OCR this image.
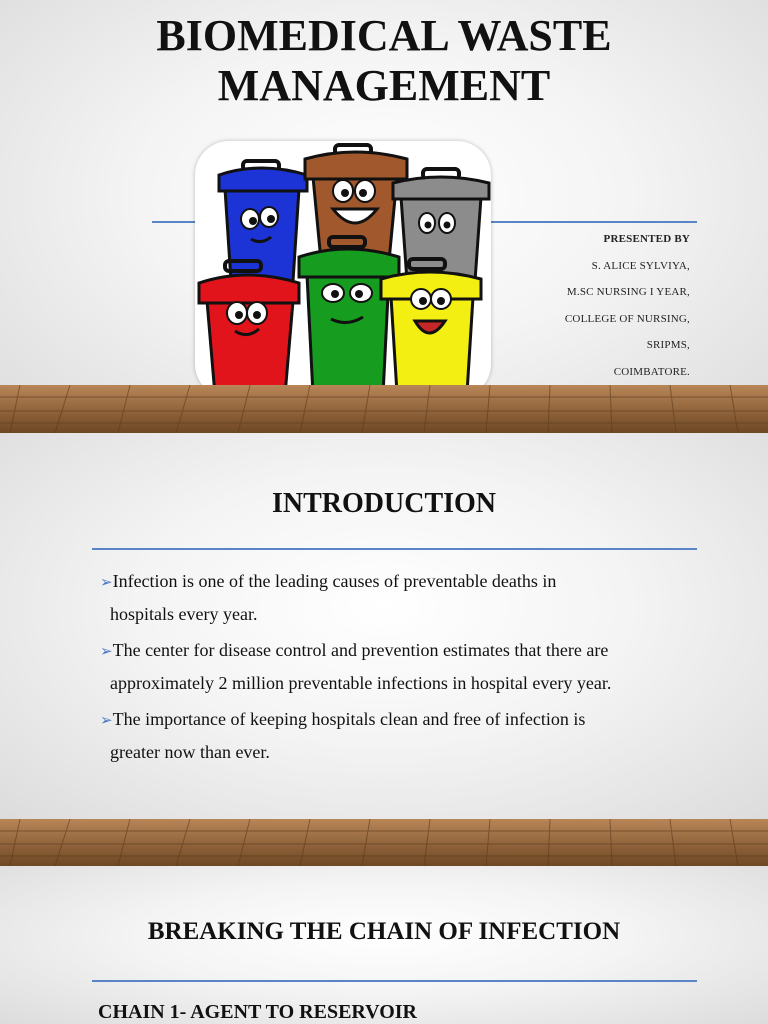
BIOMEDICAL WASTE
MANAGEMENT
PRESENTED BY
S. ALICE SYLVIYA,
M.SC NURSING I YEAR,
COLLEGE OF NURSING,
SRIPMS,
COIMBATORE.
INTRODUCTION
➢Infection is one of the leading causes of preventable deaths in
hospitals every year.
➢The center for disease control and prevention estimates that there are
approximately 2 million preventable infections in hospital every year.
➢The importance of keeping hospitals clean and free of infection is
greater now than ever.
BREAKING THE CHAIN OF INFECTION
CHAIN 1- AGENT TO RESERVOIR
